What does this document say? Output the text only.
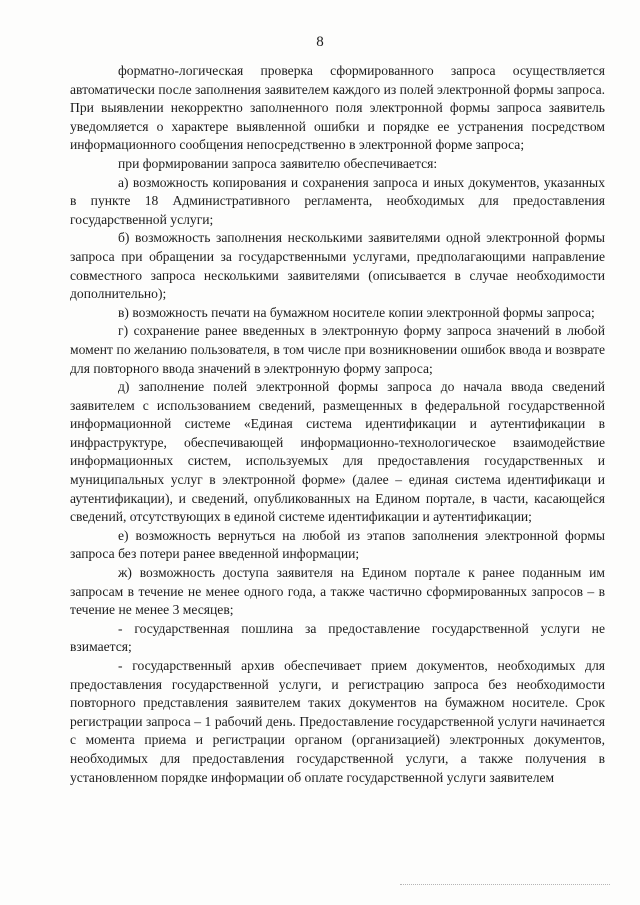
8

форматно-логическая проверка сформированного запроса осуществляется автоматически после заполнения заявителем каждого из полей электронной формы запроса. При выявлении некорректно заполненного поля электронной формы запроса заявитель уведомляется о характере выявленной ошибки и порядке ее устранения посредством информационного сообщения непосредственно в электронной форме запроса;

при формировании запроса заявителю обеспечивается:

а) возможность копирования и сохранения запроса и иных документов, указанных в пункте 18 Административного регламента, необходимых для предоставления государственной услуги;

б) возможность заполнения несколькими заявителями одной электронной формы запроса при обращении за государственными услугами, предполагающими направление совместного запроса несколькими заявителями (описывается в случае необходимости дополнительно);

в) возможность печати на бумажном носителе копии электронной формы запроса;

г) сохранение ранее введенных в электронную форму запроса значений в любой момент по желанию пользователя, в том числе при возникновении ошибок ввода и возврате для повторного ввода значений в электронную форму запроса;

д) заполнение полей электронной формы запроса до начала ввода сведений заявителем с использованием сведений, размещенных в федеральной государственной информационной системе «Единая система идентификации и аутентификации в инфраструктуре, обеспечивающей информационно-технологическое взаимодействие информационных систем, используемых для предоставления государственных и муниципальных услуг в электронной форме» (далее – единая система идентификаци и аутентификации), и сведений, опубликованных на Едином портале, в части, касающейся сведений, отсутствующих в единой системе идентификации и аутентификации;

е) возможность вернуться на любой из этапов заполнения электронной формы запроса без потери ранее введенной информации;

ж) возможность доступа заявителя на Едином портале к ранее поданным им запросам в течение не менее одного года, а также частично сформированных запросов – в течение не менее 3 месяцев;

- государственная пошлина за предоставление государственной услуги не взимается;

- государственный архив обеспечивает прием документов, необходимых для предоставления государственной услуги, и регистрацию запроса без необходимости повторного представления заявителем таких документов на бумажном носителе. Срок регистрации запроса – 1 рабочий день. Предоставление государственной услуги начинается с момента приема и регистрации органом (организацией) электронных документов, необходимых для предоставления государственной услуги, а также получения в установленном порядке информации об оплате государственной услуги заявителем
